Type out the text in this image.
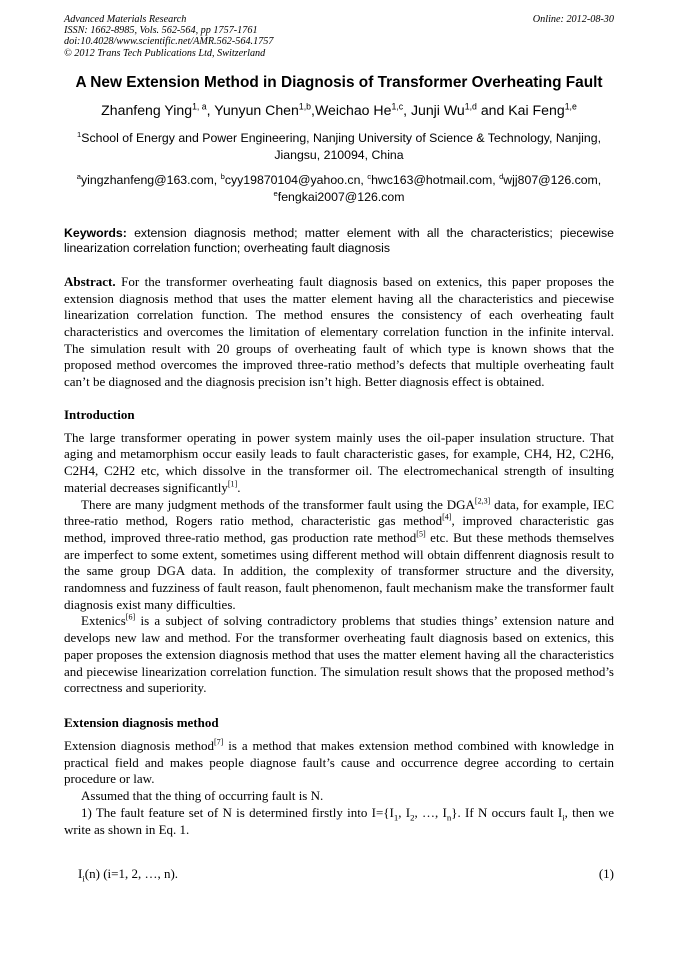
Advanced Materials Research	Online: 2012-08-30
ISSN: 1662-8985, Vols. 562-564, pp 1757-1761
doi:10.4028/www.scientific.net/AMR.562-564.1757
© 2012 Trans Tech Publications Ltd, Switzerland
A New Extension Method in Diagnosis of Transformer Overheating Fault
Zhanfeng Ying$^{1, a}$, Yunyun Chen$^{1,b}$,Weichao He$^{1,c}$, Junji Wu$^{1,d}$ and Kai Feng$^{1,e}$
$^1$School of Energy and Power Engineering, Nanjing University of Science & Technology, Nanjing,
Jiangsu, 210094, China
$^a$yingzhanfeng@163.com, $^b$cyy19870104@yahoo.cn, $^c$hwc163@hotmail.com, $^d$wjj807@126.com,
$^e$fengkai2007@126.com
Keywords: extension diagnosis method; matter element with all the characteristics; piecewise linearization correlation function; overheating fault diagnosis
Abstract. For the transformer overheating fault diagnosis based on extenics, this paper proposes the extension diagnosis method that uses the matter element having all the characteristics and piecewise linearization correlation function. The method ensures the consistency of each overheating fault characteristics and overcomes the limitation of elementary correlation function in the infinite interval. The simulation result with 20 groups of overheating fault of which type is known shows that the proposed method overcomes the improved three-ratio method’s defects that multiple overheating fault can’t be diagnosed and the diagnosis precision isn’t high. Better diagnosis effect is obtained.
Introduction
The large transformer operating in power system mainly uses the oil-paper insulation structure. That aging and metamorphism occur easily leads to fault characteristic gases, for example, CH4, H2, C2H6, C2H4, C2H2 etc, which dissolve in the transformer oil. The electromechanical strength of insulting material decreases significantly[1].
There are many judgment methods of the transformer fault using the DGA[2,3] data, for example, IEC three-ratio method, Rogers ratio method, characteristic gas method[4], improved characteristic gas method, improved three-ratio method, gas production rate method[5] etc. But these methods themselves are imperfect to some extent, sometimes using different method will obtain diffenrent diagnosis result to the same group DGA data. In addition, the complexity of transformer structure and the diversity, randomness and fuzziness of fault reason, fault phenomenon, fault mechanism make the transformer fault diagnosis exist many difficulties.
Extenics[6] is a subject of solving contradictory problems that studies things’ extension nature and develops new law and method. For the transformer overheating fault diagnosis based on extenics, this paper proposes the extension diagnosis method that uses the matter element having all the characteristics and piecewise linearization correlation function. The simulation result shows that the proposed method’s correctness and superiority.
Extension diagnosis method
Extension diagnosis method[7] is a method that makes extension method combined with knowledge in practical field and makes people diagnose fault’s cause and occurrence degree according to certain procedure or law.
Assumed that the thing of occurring fault is N.
1) The fault feature set of N is determined firstly into $I=\{I_1$, $I_2$, …, $I_n$}. If N occurs fault $I_i$, then we write as shown in Eq. 1.
$I_i(n)$ (i=1, 2, …, n).	(1)
